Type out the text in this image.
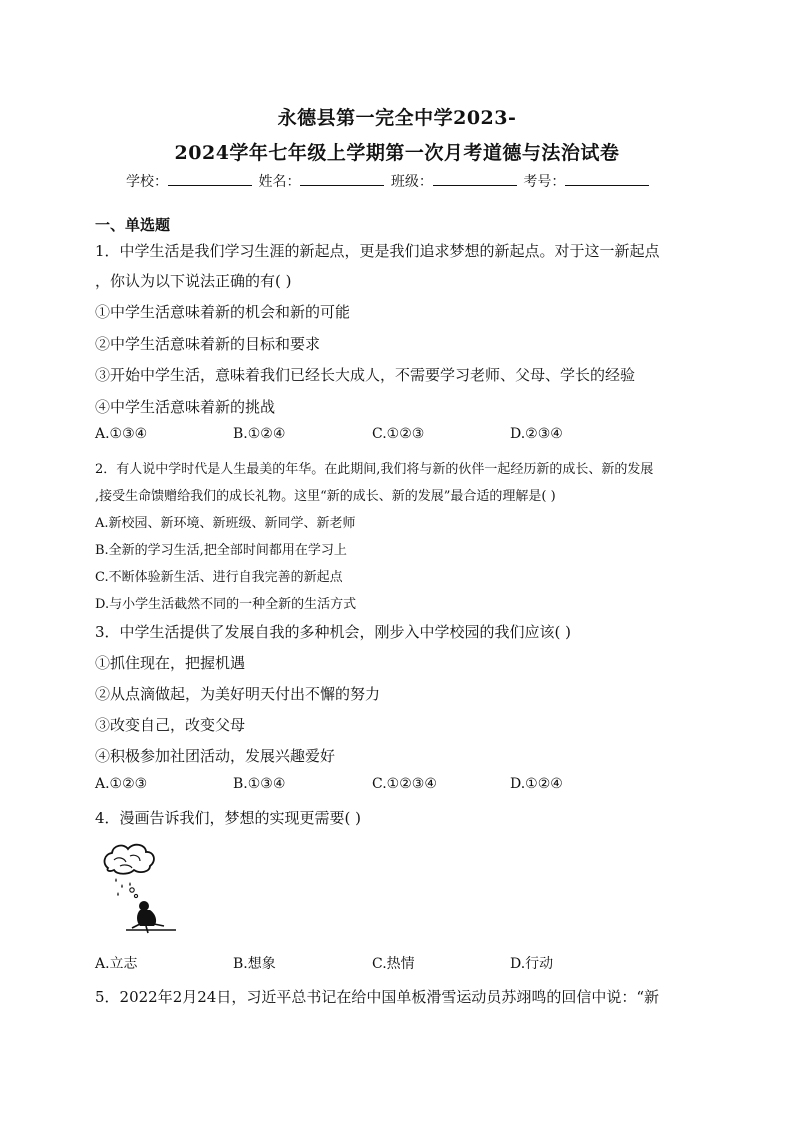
永德县第一完全中学2023-
2024学年七年级上学期第一次月考道德与法治试卷
学校：	姓名：	班级：	考号：
一、单选题
1．中学生活是我们学习生涯的新起点，更是我们追求梦想的新起点。对于这一新起点
，你认为以下说法正确的有( )
①中学生活意味着新的机会和新的可能
②中学生活意味着新的目标和要求
③开始中学生活，意味着我们已经长大成人，不需要学习老师、父母、学长的经验
④中学生活意味着新的挑战
A.①③④	B.①②④	C.①②③	D.②③④
2．有人说中学时代是人生最美的年华。在此期间,我们将与新的伙伴一起经历新的成长、新的发展
,接受生命馈赠给我们的成长礼物。这里“新的成长、新的发展”最合适的理解是( )
A.新校园、新环境、新班级、新同学、新老师
B.全新的学习生活,把全部时间都用在学习上
C.不断体验新生活、进行自我完善的新起点
D.与小学生活截然不同的一种全新的生活方式
3．中学生活提供了发展自我的多种机会，刚步入中学校园的我们应该( )
①抓住现在，把握机遇
②从点滴做起，为美好明天付出不懈的努力
③改变自己，改变父母
④积极参加社团活动，发展兴趣爱好
A.①②③	B.①③④	C.①②③④	D.①②④
4．漫画告诉我们，梦想的实现更需要( )
A.立志	B.想象	C.热情	D.行动
5．2022年2月24日，习近平总书记在给中国单板滑雪运动员苏翊鸣的回信中说：“新
